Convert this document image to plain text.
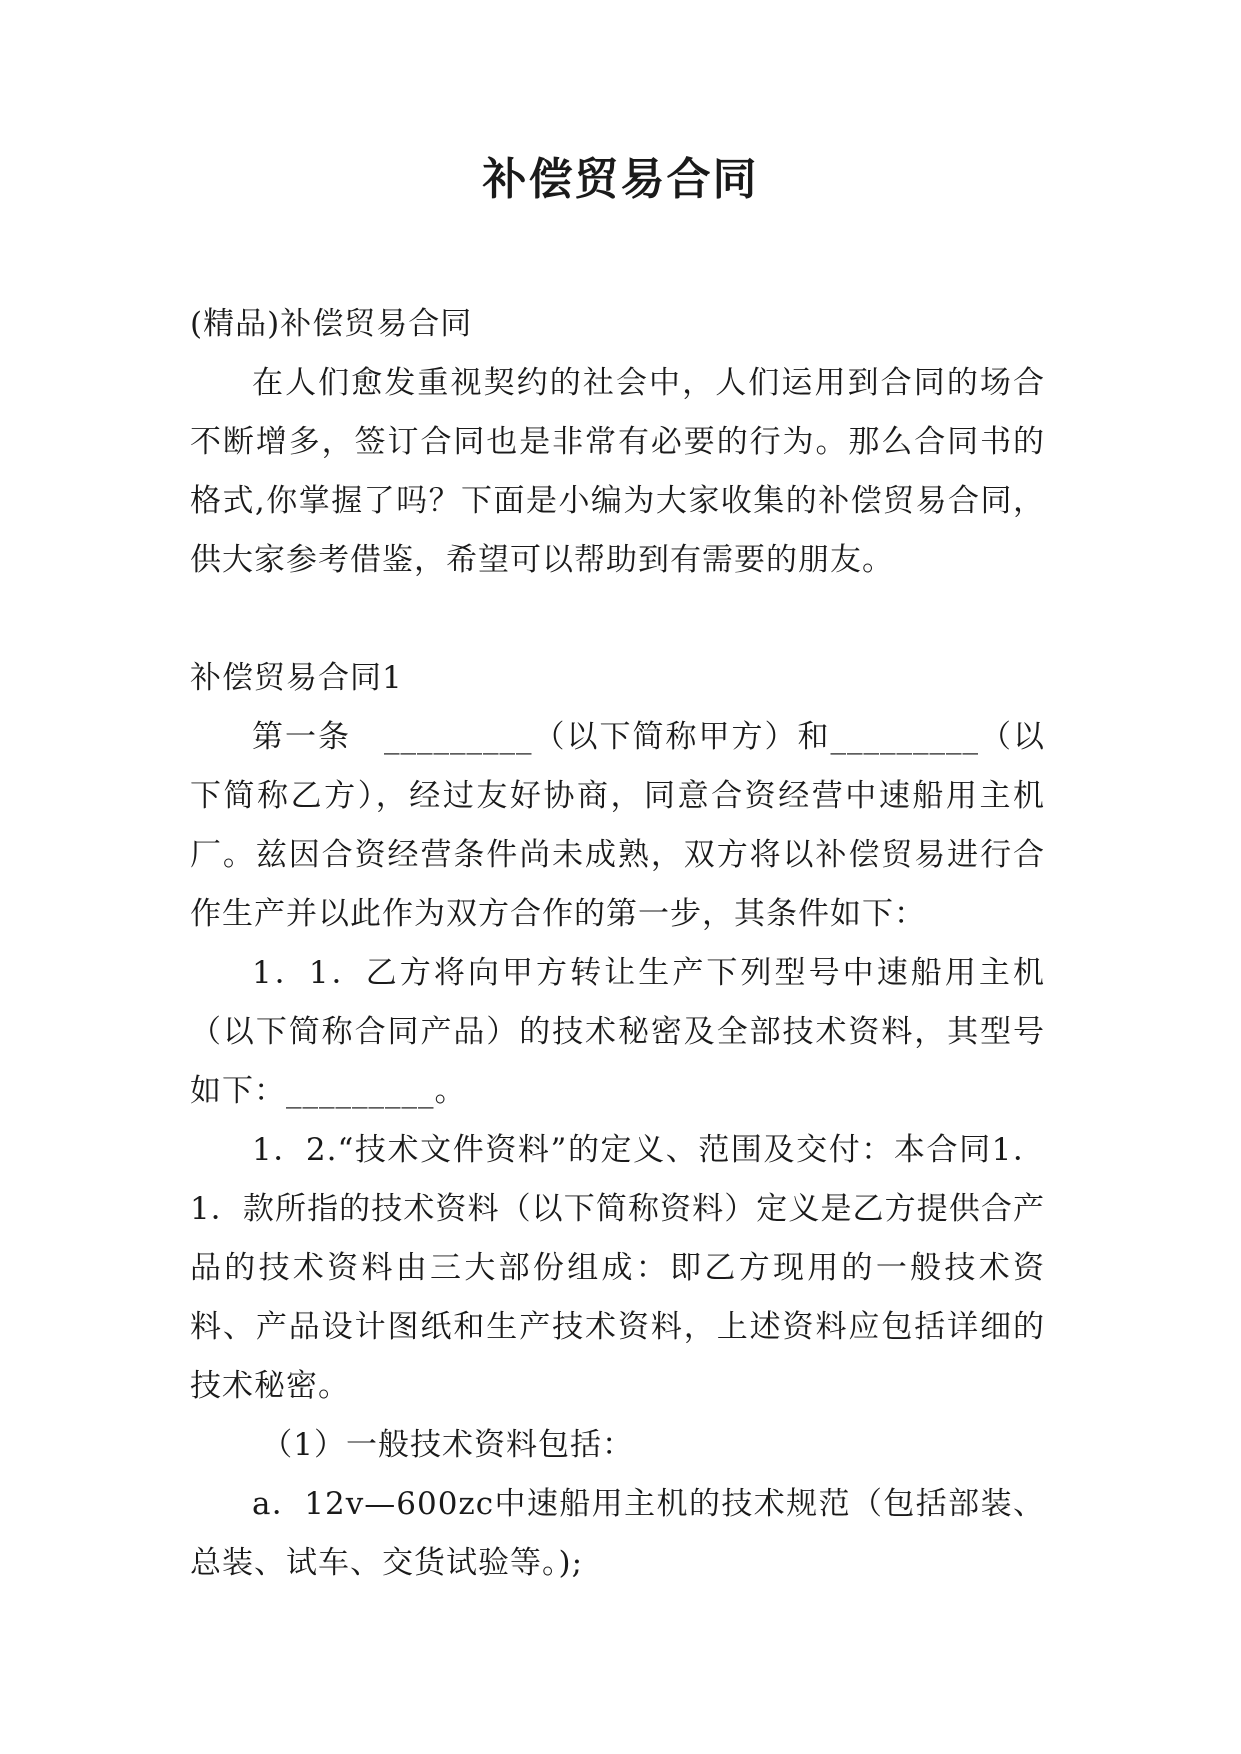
补偿贸易合同

(精品)补偿贸易合同

在人们愈发重视契约的社会中，人们运用到合同的场合不断增多，签订合同也是非常有必要的行为。那么合同书的格式,你掌握了吗？下面是小编为大家收集的补偿贸易合同，供大家参考借鉴，希望可以帮助到有需要的朋友。

补偿贸易合同1

第一条　_________（以下简称甲方）和_________（以下简称乙方），经过友好协商，同意合资经营中速船用主机厂。兹因合资经营条件尚未成熟，双方将以补偿贸易进行合作生产并以此作为双方合作的第一步，其条件如下：

1．1．乙方将向甲方转让生产下列型号中速船用主机（以下简称合同产品）的技术秘密及全部技术资料，其型号如下：_________。

1．2.“技术文件资料”的定义、范围及交付：本合同1．1．款所指的技术资料（以下简称资料）定义是乙方提供合产品的技术资料由三大部份组成：即乙方现用的一般技术资料、产品设计图纸和生产技术资料，上述资料应包括详细的技术秘密。

（1）一般技术资料包括：

a．12v—600zc中速船用主机的技术规范（包括部装、总装、试车、交货试验等。);
